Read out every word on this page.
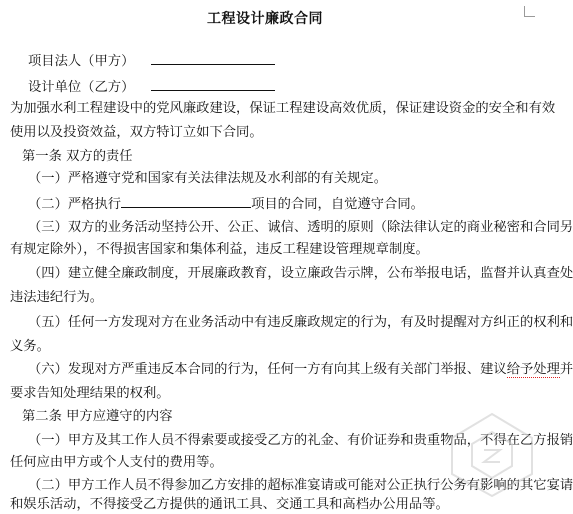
工程设计廉政合同
项目法人（甲方）
设计单位（乙方）
为加强水利工程建设中的党风廉政建设，保证工程建设高效优质，保证建设资金的安全和有效
使用以及投资效益，双方特订立如下合同。
第一条 双方的责任
（一）严格遵守党和国家有关法律法规及水利部的有关规定。
（二）严格执行	项目的合同，自觉遵守合同。
（三）双方的业务活动坚持公开、公正、诚信、透明的原则（除法律认定的商业秘密和合同另
有规定除外），不得损害国家和集体利益，违反工程建设管理规章制度。
（四）建立健全廉政制度，开展廉政教育，设立廉政告示牌，公布举报电话，监督并认真查处
违法违纪行为。
（五）任何一方发现对方在业务活动中有违反廉政规定的行为，有及时提醒对方纠正的权利和
义务。
（六）发现对方严重违反本合同的行为，任何一方有向其上级有关部门举报、建议给予处理并
要求告知处理结果的权利。
第二条 甲方应遵守的内容
（一）甲方及其工作人员不得索要或接受乙方的礼金、有价证券和贵重物品，不得在乙方报销
任何应由甲方或个人支付的费用等。
（二）甲方工作人员不得参加乙方安排的超标准宴请或可能对公正执行公务有影响的其它宴请
和娱乐活动，不得接受乙方提供的通讯工具、交通工具和高档办公用品等。
